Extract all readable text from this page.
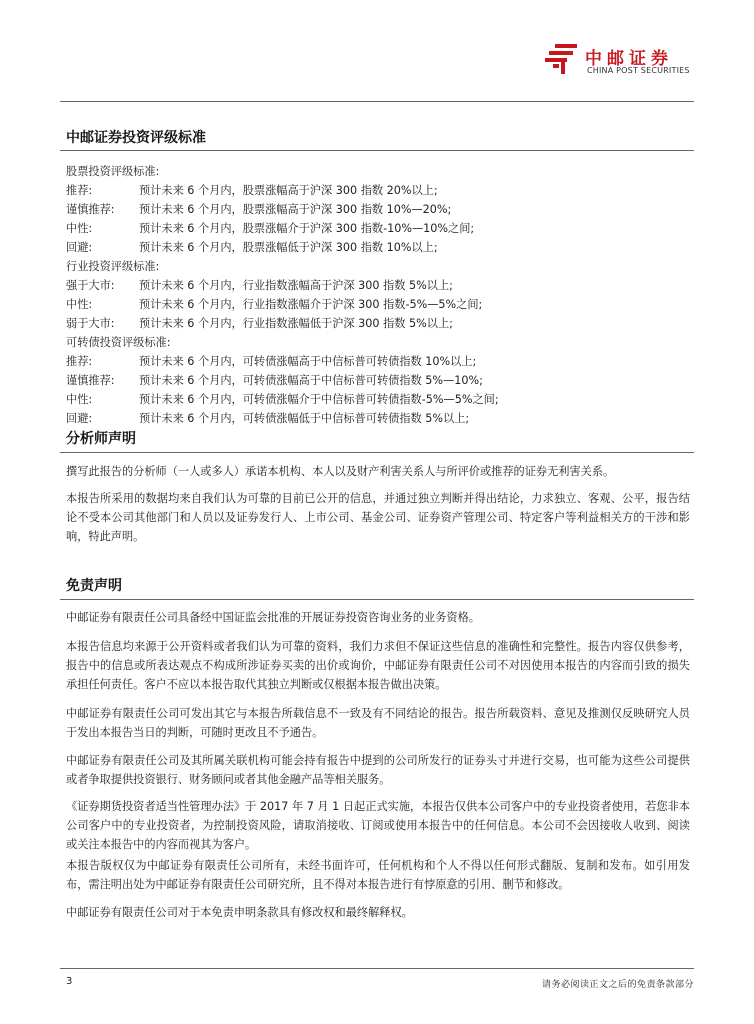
中邮证券
CHINA POST SECURITIES
中邮证券投资评级标准
股票投资评级标准:
推荐:	预计未来 6 个月内，股票涨幅高于沪深 300 指数 20%以上;
谨慎推荐: 预计未来 6 个月内，股票涨幅高于沪深 300 指数 10%—20%;
中性:	预计未来 6 个月内，股票涨幅介于沪深 300 指数-10%—10%之间;
回避:	预计未来 6 个月内，股票涨幅低于沪深 300 指数 10%以上;
行业投资评级标准:
强于大市: 预计未来 6 个月内，行业指数涨幅高于沪深 300 指数 5%以上;
中性:	预计未来 6 个月内，行业指数涨幅介于沪深 300 指数-5%—5%之间;
弱于大市: 预计未来 6 个月内，行业指数涨幅低于沪深 300 指数 5%以上;
可转债投资评级标准:
推荐:	预计未来 6 个月内，可转债涨幅高于中信标普可转债指数 10%以上;
谨慎推荐: 预计未来 6 个月内，可转债涨幅高于中信标普可转债指数 5%—10%;
中性:	预计未来 6 个月内，可转债涨幅介于中信标普可转债指数-5%—5%之间;
回避:	预计未来 6 个月内，可转债涨幅低于中信标普可转债指数 5%以上;
分析师声明
撰写此报告的分析师（一人或多人）承诺本机构、本人以及财产利害关系人与所评价或推荐的证券无利害关系。
本报告所采用的数据均来自我们认为可靠的目前已公开的信息，并通过独立判断并得出结论，力求独立、客观、公平，报告结论不受本公司其他部门和人员以及证券发行人、上市公司、基金公司、证券资产管理公司、特定客户等利益相关方的干涉和影响，特此声明。
免责声明
中邮证券有限责任公司具备经中国证监会批准的开展证券投资咨询业务的业务资格。
本报告信息均来源于公开资料或者我们认为可靠的资料，我们力求但不保证这些信息的准确性和完整性。报告内容仅供参考，报告中的信息或所表达观点不构成所涉证券买卖的出价或询价，中邮证券有限责任公司不对因使用本报告的内容而引致的损失承担任何责任。客户不应以本报告取代其独立判断或仅根据本报告做出决策。
中邮证券有限责任公司可发出其它与本报告所载信息不一致及有不同结论的报告。报告所载资料、意见及推测仅反映研究人员于发出本报告当日的判断，可随时更改且不予通告。
中邮证券有限责任公司及其所属关联机构可能会持有报告中提到的公司所发行的证券头寸并进行交易，也可能为这些公司提供或者争取提供投资银行、财务顾问或者其他金融产品等相关服务。
《证券期货投资者适当性管理办法》于 2017 年 7 月 1 日起正式实施，本报告仅供本公司客户中的专业投资者使用，若您非本公司客户中的专业投资者，为控制投资风险，请取消接收、订阅或使用本报告中的任何信息。本公司不会因接收人收到、阅读或关注本报告中的内容而视其为客户。
本报告版权仅为中邮证券有限责任公司所有，未经书面许可，任何机构和个人不得以任何形式翻版、复制和发布。如引用发布，需注明出处为中邮证券有限责任公司研究所，且不得对本报告进行有悖原意的引用、删节和修改。
中邮证券有限责任公司对于本免责申明条款具有修改权和最终解释权。
3	请务必阅读正文之后的免责条款部分
